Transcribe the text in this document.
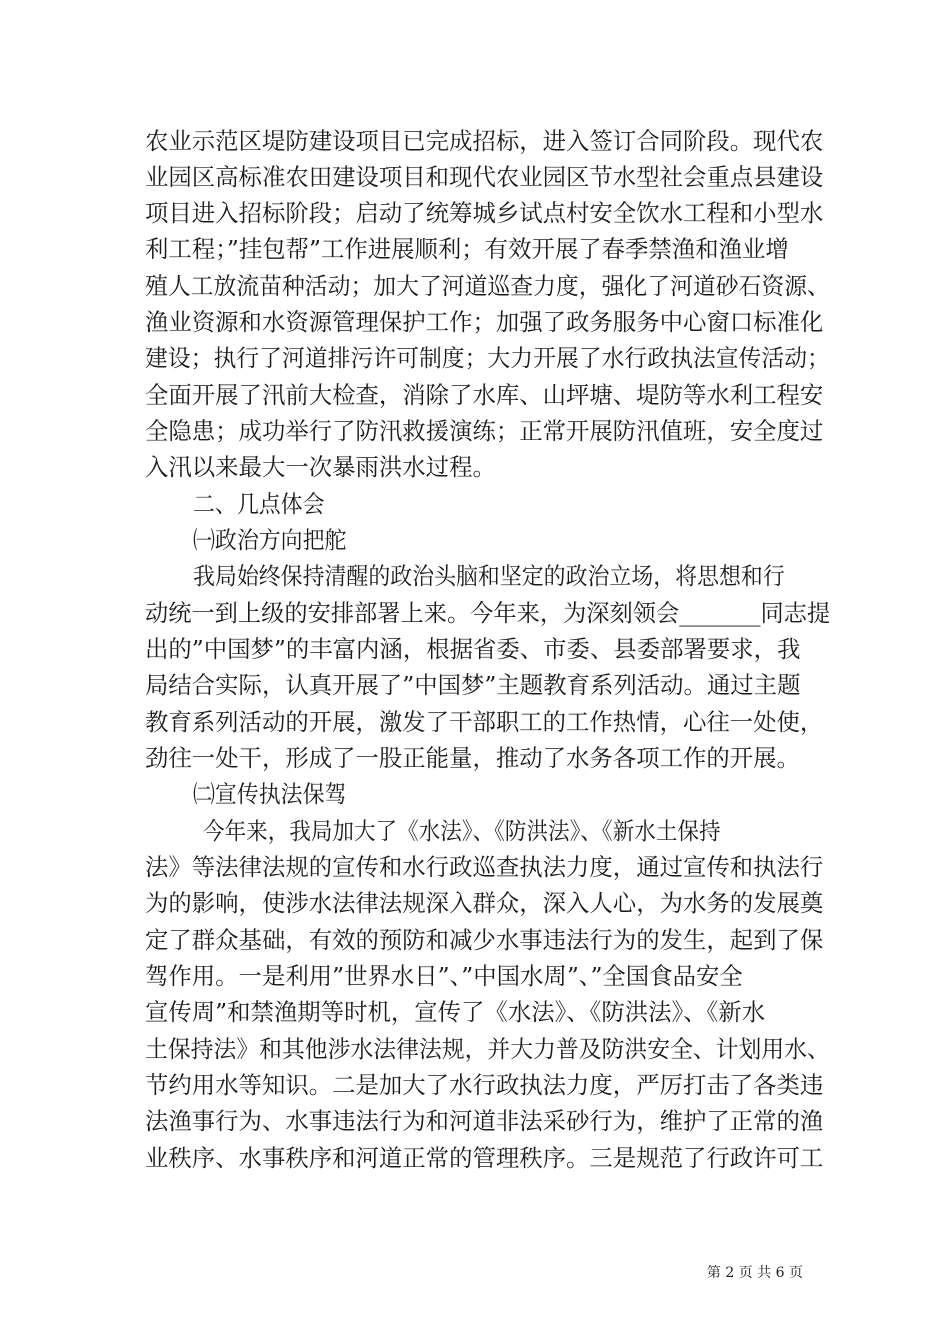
农业示范区堤防建设项目已完成招标，进入签订合同阶段。现代农
业园区高标准农田建设项目和现代农业园区节水型社会重点县建设
项目进入招标阶段；启动了统筹城乡试点村安全饮水工程和小型水
利工程；”挂包帮”工作进展顺利；有效开展了春季禁渔和渔业增
殖人工放流苗种活动；加大了河道巡查力度，强化了河道砂石资源、
渔业资源和水资源管理保护工作；加强了政务服务中心窗口标准化
建设；执行了河道排污许可制度；大力开展了水行政执法宣传活动；
全面开展了汛前大检查，消除了水库、山坪塘、堤防等水利工程安
全隐患；成功举行了防汛救援演练；正常开展防汛值班，安全度过
入汛以来最大一次暴雨洪水过程。
二、几点体会
㈠政治方向把舵
我局始终保持清醒的政治头脑和坚定的政治立场，将思想和行
动统一到上级的安排部署上来。今年来，为深刻领会_______同志提
出的”中国梦”的丰富内涵，根据省委、市委、县委部署要求，我
局结合实际，认真开展了”中国梦”主题教育系列活动。通过主题
教育系列活动的开展，激发了干部职工的工作热情，心往一处使，
劲往一处干，形成了一股正能量，推动了水务各项工作的开展。
㈡宣传执法保驾
今年来，我局加大了《水法》、《防洪法》、《新水土保持
法》等法律法规的宣传和水行政巡查执法力度，通过宣传和执法行
为的影响，使涉水法律法规深入群众，深入人心，为水务的发展奠
定了群众基础，有效的预防和减少水事违法行为的发生，起到了保
驾作用。一是利用”世界水日”、”中国水周”、”全国食品安全
宣传周”和禁渔期等时机，宣传了《水法》、《防洪法》、《新水
土保持法》和其他涉水法律法规，并大力普及防洪安全、计划用水、
节约用水等知识。二是加大了水行政执法力度，严厉打击了各类违
法渔事行为、水事违法行为和河道非法采砂行为，维护了正常的渔
业秩序、水事秩序和河道正常的管理秩序。三是规范了行政许可工
第 2 页 共 6 页
